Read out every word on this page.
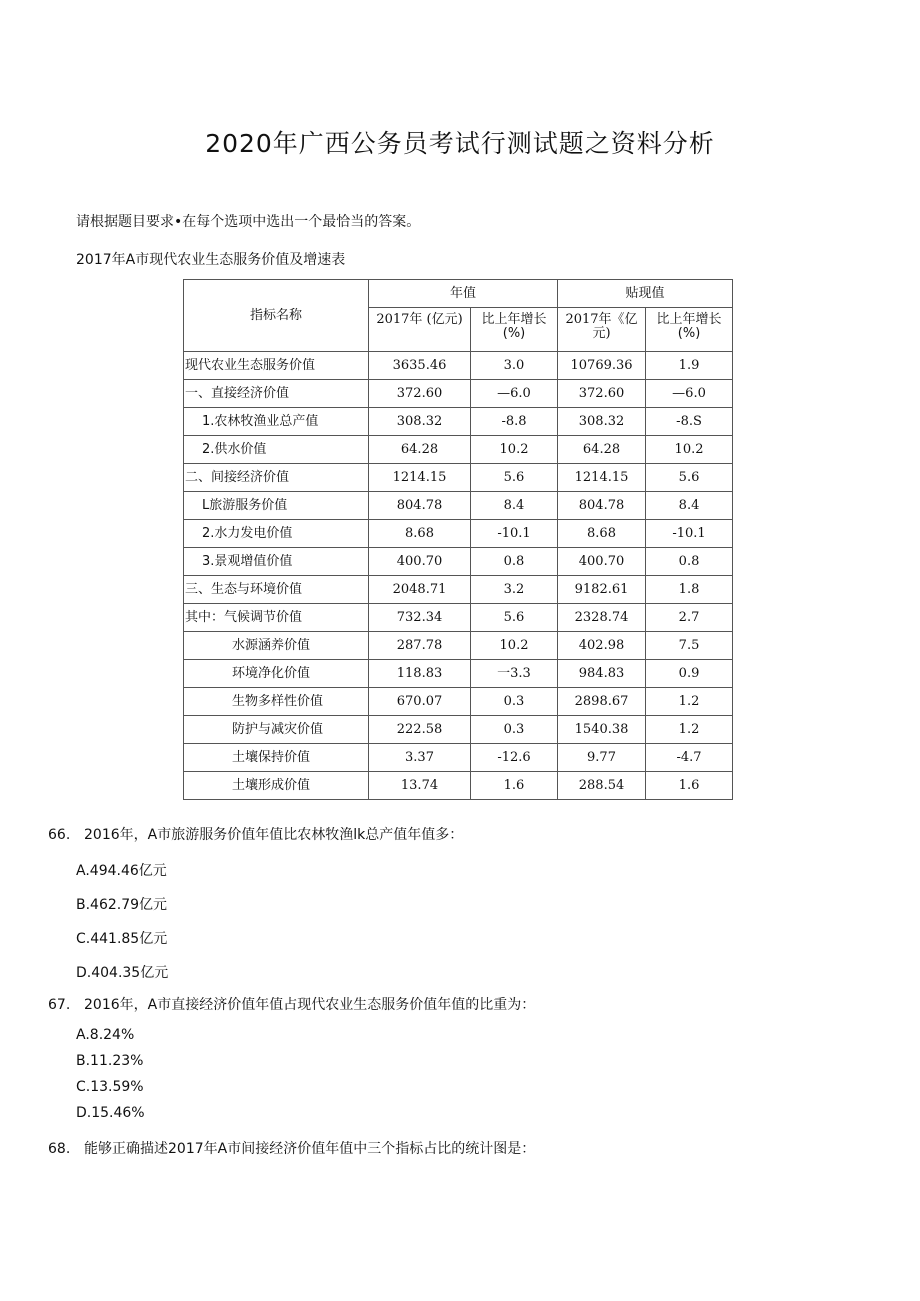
2020年广西公务员考试行测试题之资料分析
请根据题目要求•在每个选项中选出一个最恰当的答案。
2017年A市现代农业生态服务价值及增速表
指标名称	年值		贴现值	
	2017年 (亿元)	比上年增长 (%)	2017年《亿元)	比上年增长 (%)
现代农业生态服务价值	3635.46	3.0	10769.36	1.9
一、直接经济价值	372.60	—6.0	372.60	—6.0
1.农林牧渔业总产值	308.32	-8.8	308.32	-8.S
2.供水价值	64.28	10.2	64.28	10.2
二、间接经济价值	1214.15	5.6	1214.15	5.6
L旅游服务价值	804.78	8.4	804.78	8.4
2.水力发电价值	8.68	-10.1	8.68	-10.1
3.景观增值价值	400.70	0.8	400.70	0.8
三、生态与环境价值	2048.71	3.2	9182.61	1.8
其中：气候调节价值	732.34	5.6	2328.74	2.7
水源涵养价值	287.78	10.2	402.98	7.5
环境净化价值	118.83	一3.3	984.83	0.9
生物多样性价值	670.07	0.3	2898.67	1.2
防护与减灾价值	222.58	0.3	1540.38	1.2
土壤保持价值	3.37	-12.6	9.77	-4.7
土壤形成价值	13.74	1.6	288.54	1.6
66. 2016年，A市旅游服务价值年值比农林牧渔lk总产值年值多：
A.494.46亿元
B.462.79亿元
C.441.85亿元
D.404.35亿元
67. 2016年，A市直接经济价值年值占现代农业生态服务价值年值的比重为：
A.8.24%
B.11.23%
C.13.59%
D.15.46%
68. 能够正确描述2017年A市间接经济价值年值中三个指标占比的统计图是：
